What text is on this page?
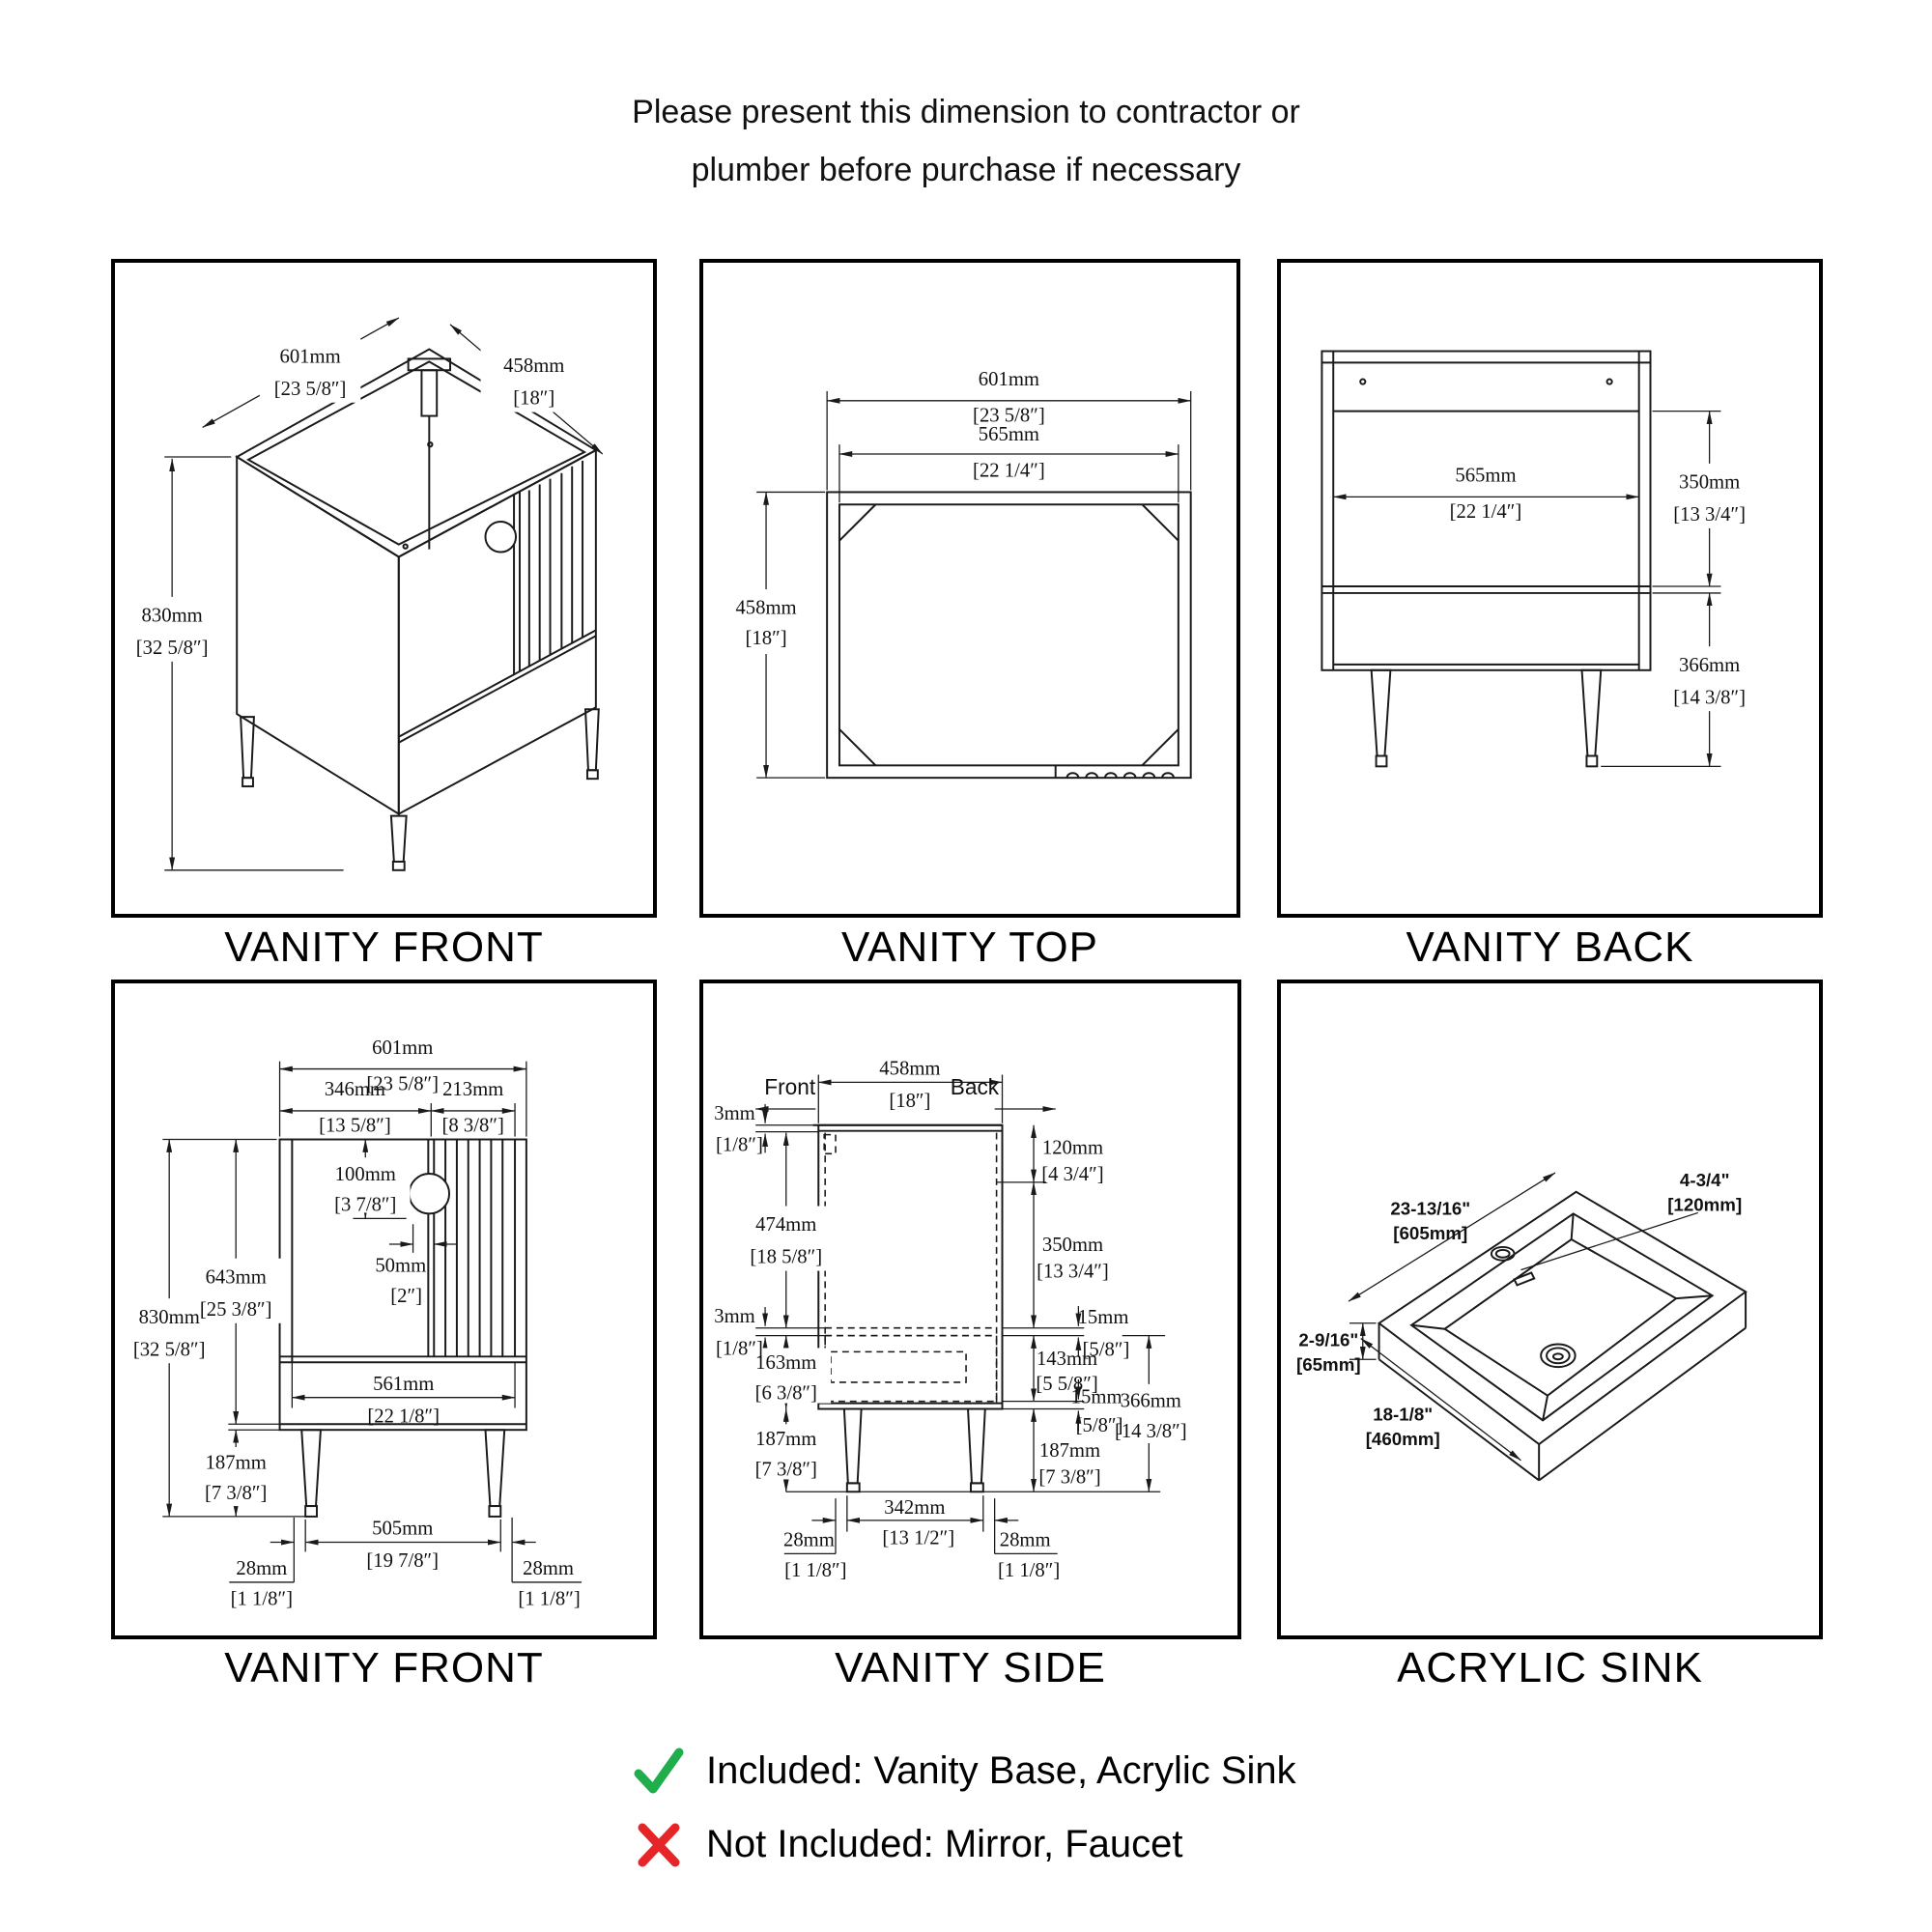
Please present this dimension to contractor or
plumber before purchase if necessary
601mm
[23 5/8″]
458mm
[18″]
830mm
[32 5/8″]
VANITY FRONT
601mm
[23 5/8″]
565mm
[22 1/4″]
458mm
[18″]
VANITY TOP
565mm
[22 1/4″]
350mm
[13 3/4″]
366mm
[14 3/8″]
VANITY BACK
601mm
[23 5/8″]
346mm
[13 5/8″]
213mm
[8 3/8″]
100mm
[3 7/8″]
50mm
[2″]
643mm
[25 3/8″]
830mm
[32 5/8″]
561mm
[22 1/8″]
187mm
[7 3/8″]
505mm
[19 7/8″]
28mm
[1 1/8″]
28mm
[1 1/8″]
VANITY FRONT
Front	Back
458mm
[18″]
3mm
[1/8″]
474mm
[18 5/8″]
3mm
[1/8″]
163mm
[6 3/8″]
187mm
[7 3/8″]
120mm
[4 3/4″]
350mm
[13 3/4″]
15mm
[5/8″]
143mm
[5 5/8″]
15mm
[5/8″]
366mm
[14 3/8″]
187mm
[7 3/8″]
342mm
[13 1/2″]
28mm
[1 1/8″]
28mm
[1 1/8″]
VANITY SIDE
23-13/16"
[605mm]
4-3/4"
[120mm]
2-9/16"
[65mm]
18-1/8"
[460mm]
ACRYLIC SINK
Included: Vanity Base, Acrylic Sink
Not Included: Mirror, Faucet
